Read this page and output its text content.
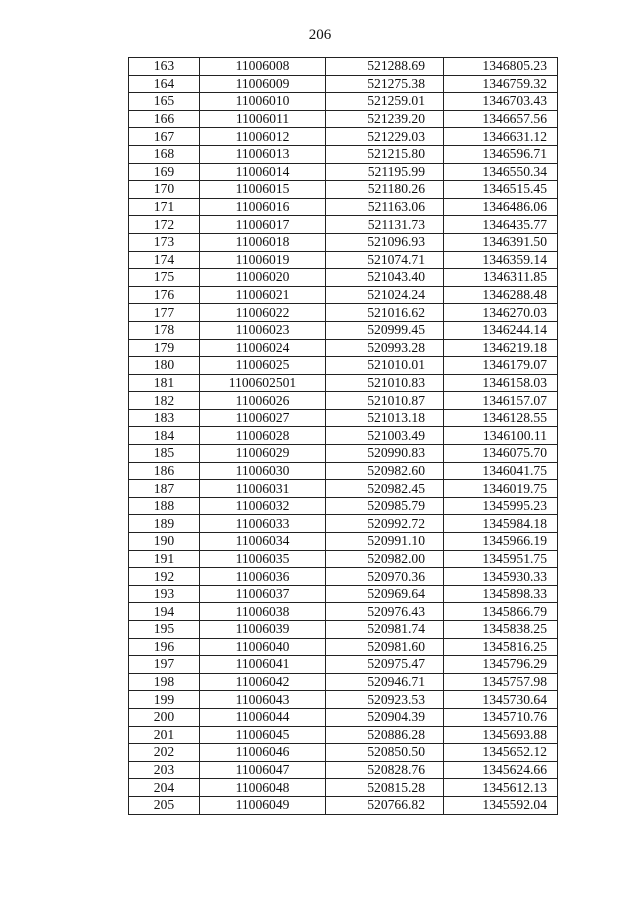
206
163	11006008	521288.69	1346805.23
164	11006009	521275.38	1346759.32
165	11006010	521259.01	1346703.43
166	11006011	521239.20	1346657.56
167	11006012	521229.03	1346631.12
168	11006013	521215.80	1346596.71
169	11006014	521195.99	1346550.34
170	11006015	521180.26	1346515.45
171	11006016	521163.06	1346486.06
172	11006017	521131.73	1346435.77
173	11006018	521096.93	1346391.50
174	11006019	521074.71	1346359.14
175	11006020	521043.40	1346311.85
176	11006021	521024.24	1346288.48
177	11006022	521016.62	1346270.03
178	11006023	520999.45	1346244.14
179	11006024	520993.28	1346219.18
180	11006025	521010.01	1346179.07
181	1100602501	521010.83	1346158.03
182	11006026	521010.87	1346157.07
183	11006027	521013.18	1346128.55
184	11006028	521003.49	1346100.11
185	11006029	520990.83	1346075.70
186	11006030	520982.60	1346041.75
187	11006031	520982.45	1346019.75
188	11006032	520985.79	1345995.23
189	11006033	520992.72	1345984.18
190	11006034	520991.10	1345966.19
191	11006035	520982.00	1345951.75
192	11006036	520970.36	1345930.33
193	11006037	520969.64	1345898.33
194	11006038	520976.43	1345866.79
195	11006039	520981.74	1345838.25
196	11006040	520981.60	1345816.25
197	11006041	520975.47	1345796.29
198	11006042	520946.71	1345757.98
199	11006043	520923.53	1345730.64
200	11006044	520904.39	1345710.76
201	11006045	520886.28	1345693.88
202	11006046	520850.50	1345652.12
203	11006047	520828.76	1345624.66
204	11006048	520815.28	1345612.13
205	11006049	520766.82	1345592.04
